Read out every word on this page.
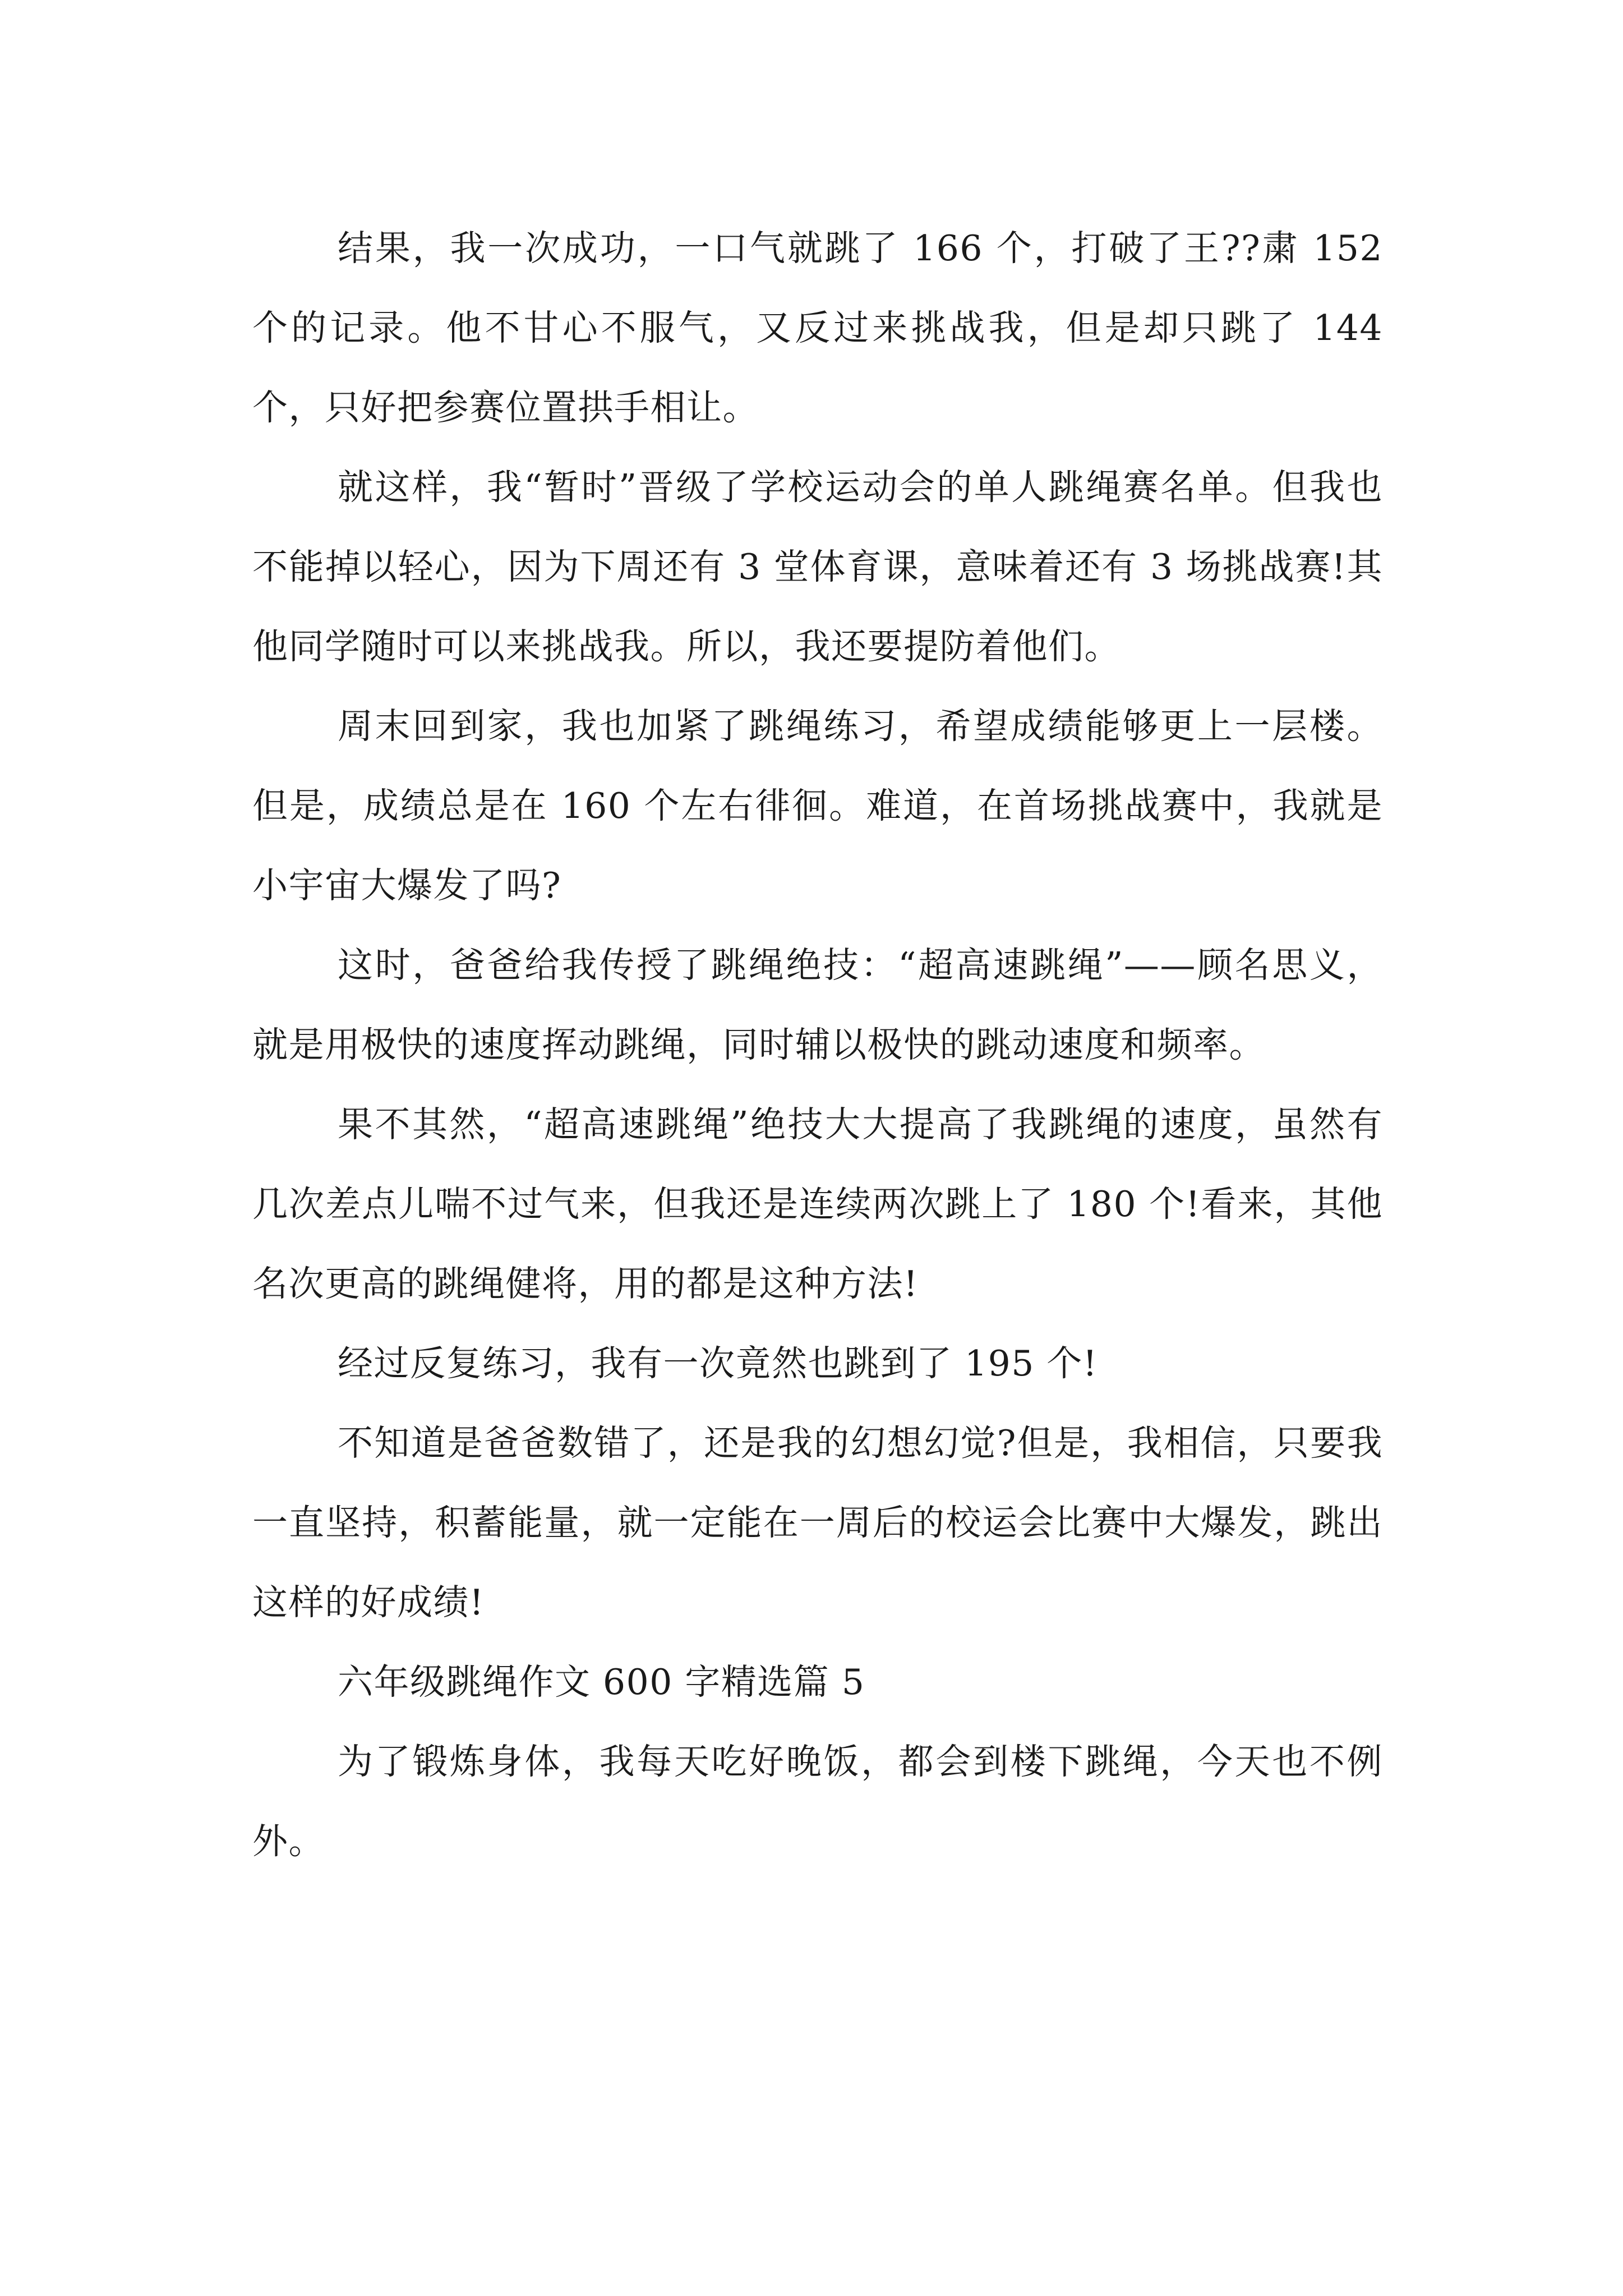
结果，我一次成功，一口气就跳了 166 个，打破了王??粛 152 个的记录。他不甘心不服气，又反过来挑战我，但是却只跳了 144 个，只好把参赛位置拱手相让。

就这样，我“暂时”晋级了学校运动会的单人跳绳赛名单。但我也不能掉以轻心，因为下周还有 3 堂体育课，意味着还有 3 场挑战赛!其他同学随时可以来挑战我。所以，我还要提防着他们。

周末回到家，我也加紧了跳绳练习，希望成绩能够更上一层楼。但是，成绩总是在 160 个左右徘徊。难道，在首场挑战赛中，我就是小宇宙大爆发了吗?

这时，爸爸给我传授了跳绳绝技：“超高速跳绳”——顾名思义，就是用极快的速度挥动跳绳，同时辅以极快的跳动速度和频率。

果不其然，“超高速跳绳”绝技大大提高了我跳绳的速度，虽然有几次差点儿喘不过气来，但我还是连续两次跳上了 180 个!看来，其他名次更高的跳绳健将，用的都是这种方法!

经过反复练习，我有一次竟然也跳到了 195 个!

不知道是爸爸数错了，还是我的幻想幻觉?但是，我相信，只要我一直坚持，积蓄能量，就一定能在一周后的校运会比赛中大爆发，跳出这样的好成绩!

六年级跳绳作文 600 字精选篇 5

为了锻炼身体，我每天吃好晚饭，都会到楼下跳绳，今天也不例外。
